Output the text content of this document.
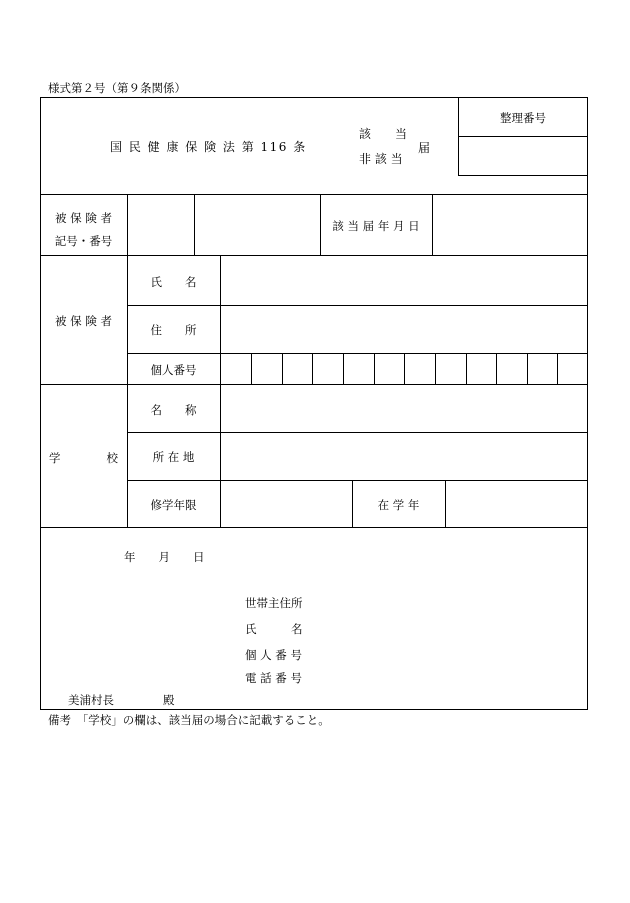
様式第２号（第９条関係）
国 民 健 康 保 険 法 第 116 条
該　　当
非 該 当
届
整理番号
被 保 険 者
記号・番号
該 当 届 年 月 日
被 保 険 者
氏　　名
住　　所
個人番号
学　　　　校
名　　称
所 在 地
修学年限	在 学 年
年　　月　　日
世帯主住所
氏　　　名
個 人 番 号
電 話 番 号
美浦村長	殿
備考　「学校」の欄は、該当届の場合に記載すること。
